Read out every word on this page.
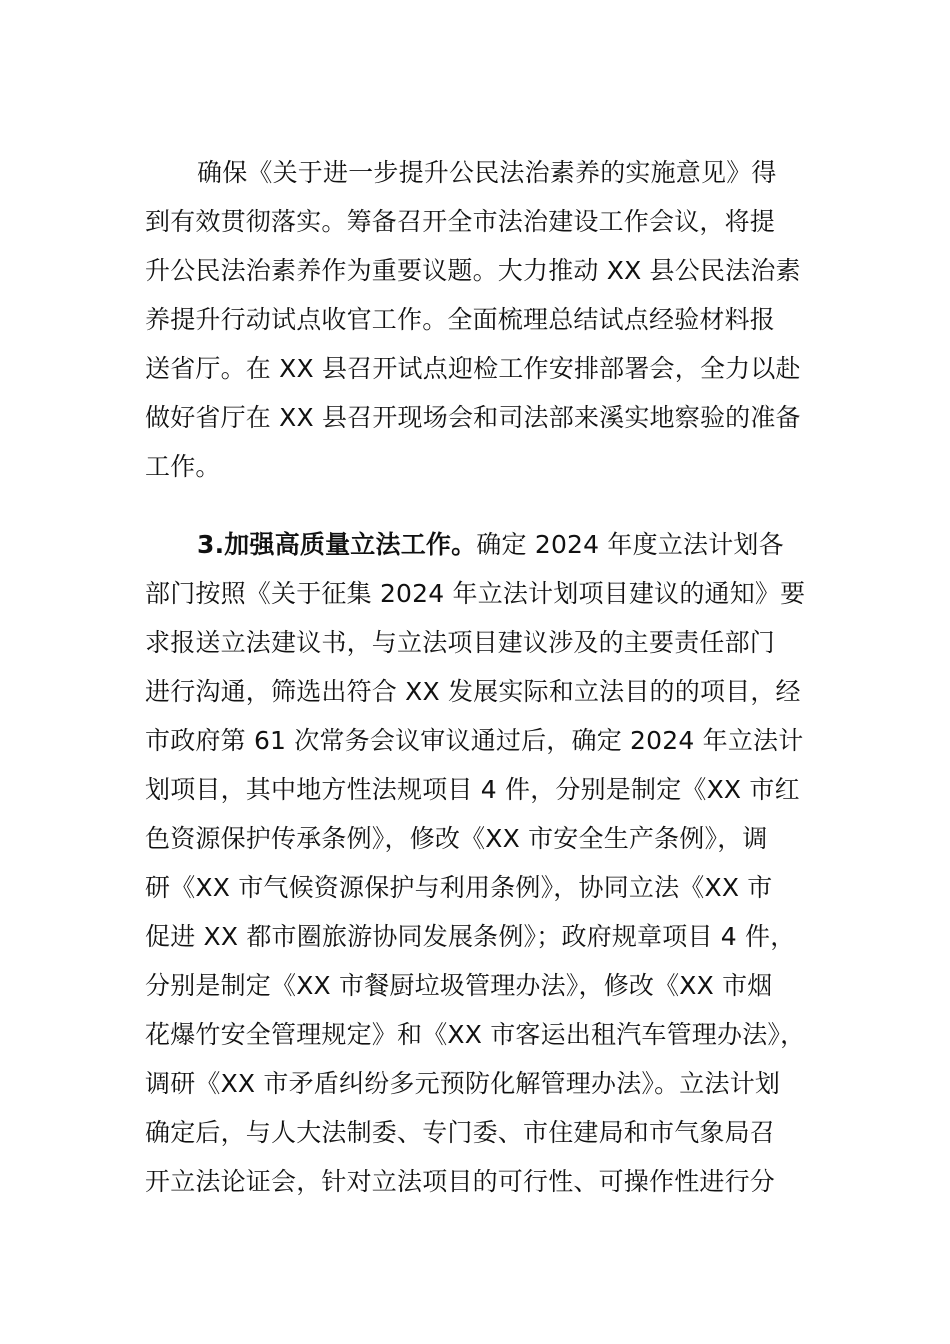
确保《关于进一步提升公民法治素养的实施意见》得
到有效贯彻落实。筹备召开全市法治建设工作会议，将提
升公民法治素养作为重要议题。大力推动 XX 县公民法治素
养提升行动试点收官工作。全面梳理总结试点经验材料报
送省厅。在 XX 县召开试点迎检工作安排部署会，全力以赴
做好省厅在 XX 县召开现场会和司法部来溪实地察验的准备
工作。
3.加强高质量立法工作。确定 2024 年度立法计划各
部门按照《关于征集 2024 年立法计划项目建议的通知》要
求报送立法建议书，与立法项目建议涉及的主要责任部门
进行沟通，筛选出符合 XX 发展实际和立法目的的项目，经
市政府第 61 次常务会议审议通过后，确定 2024 年立法计
划项目，其中地方性法规项目 4 件，分别是制定《XX 市红
色资源保护传承条例》，修改《XX 市安全生产条例》，调
研《XX 市气候资源保护与利用条例》，协同立法《XX 市
促进 XX 都市圈旅游协同发展条例》；政府规章项目 4 件，
分别是制定《XX 市餐厨垃圾管理办法》，修改《XX 市烟
花爆竹安全管理规定》和《XX 市客运出租汽车管理办法》，
调研《XX 市矛盾纠纷多元预防化解管理办法》。立法计划
确定后，与人大法制委、专门委、市住建局和市气象局召
开立法论证会，针对立法项目的可行性、可操作性进行分
